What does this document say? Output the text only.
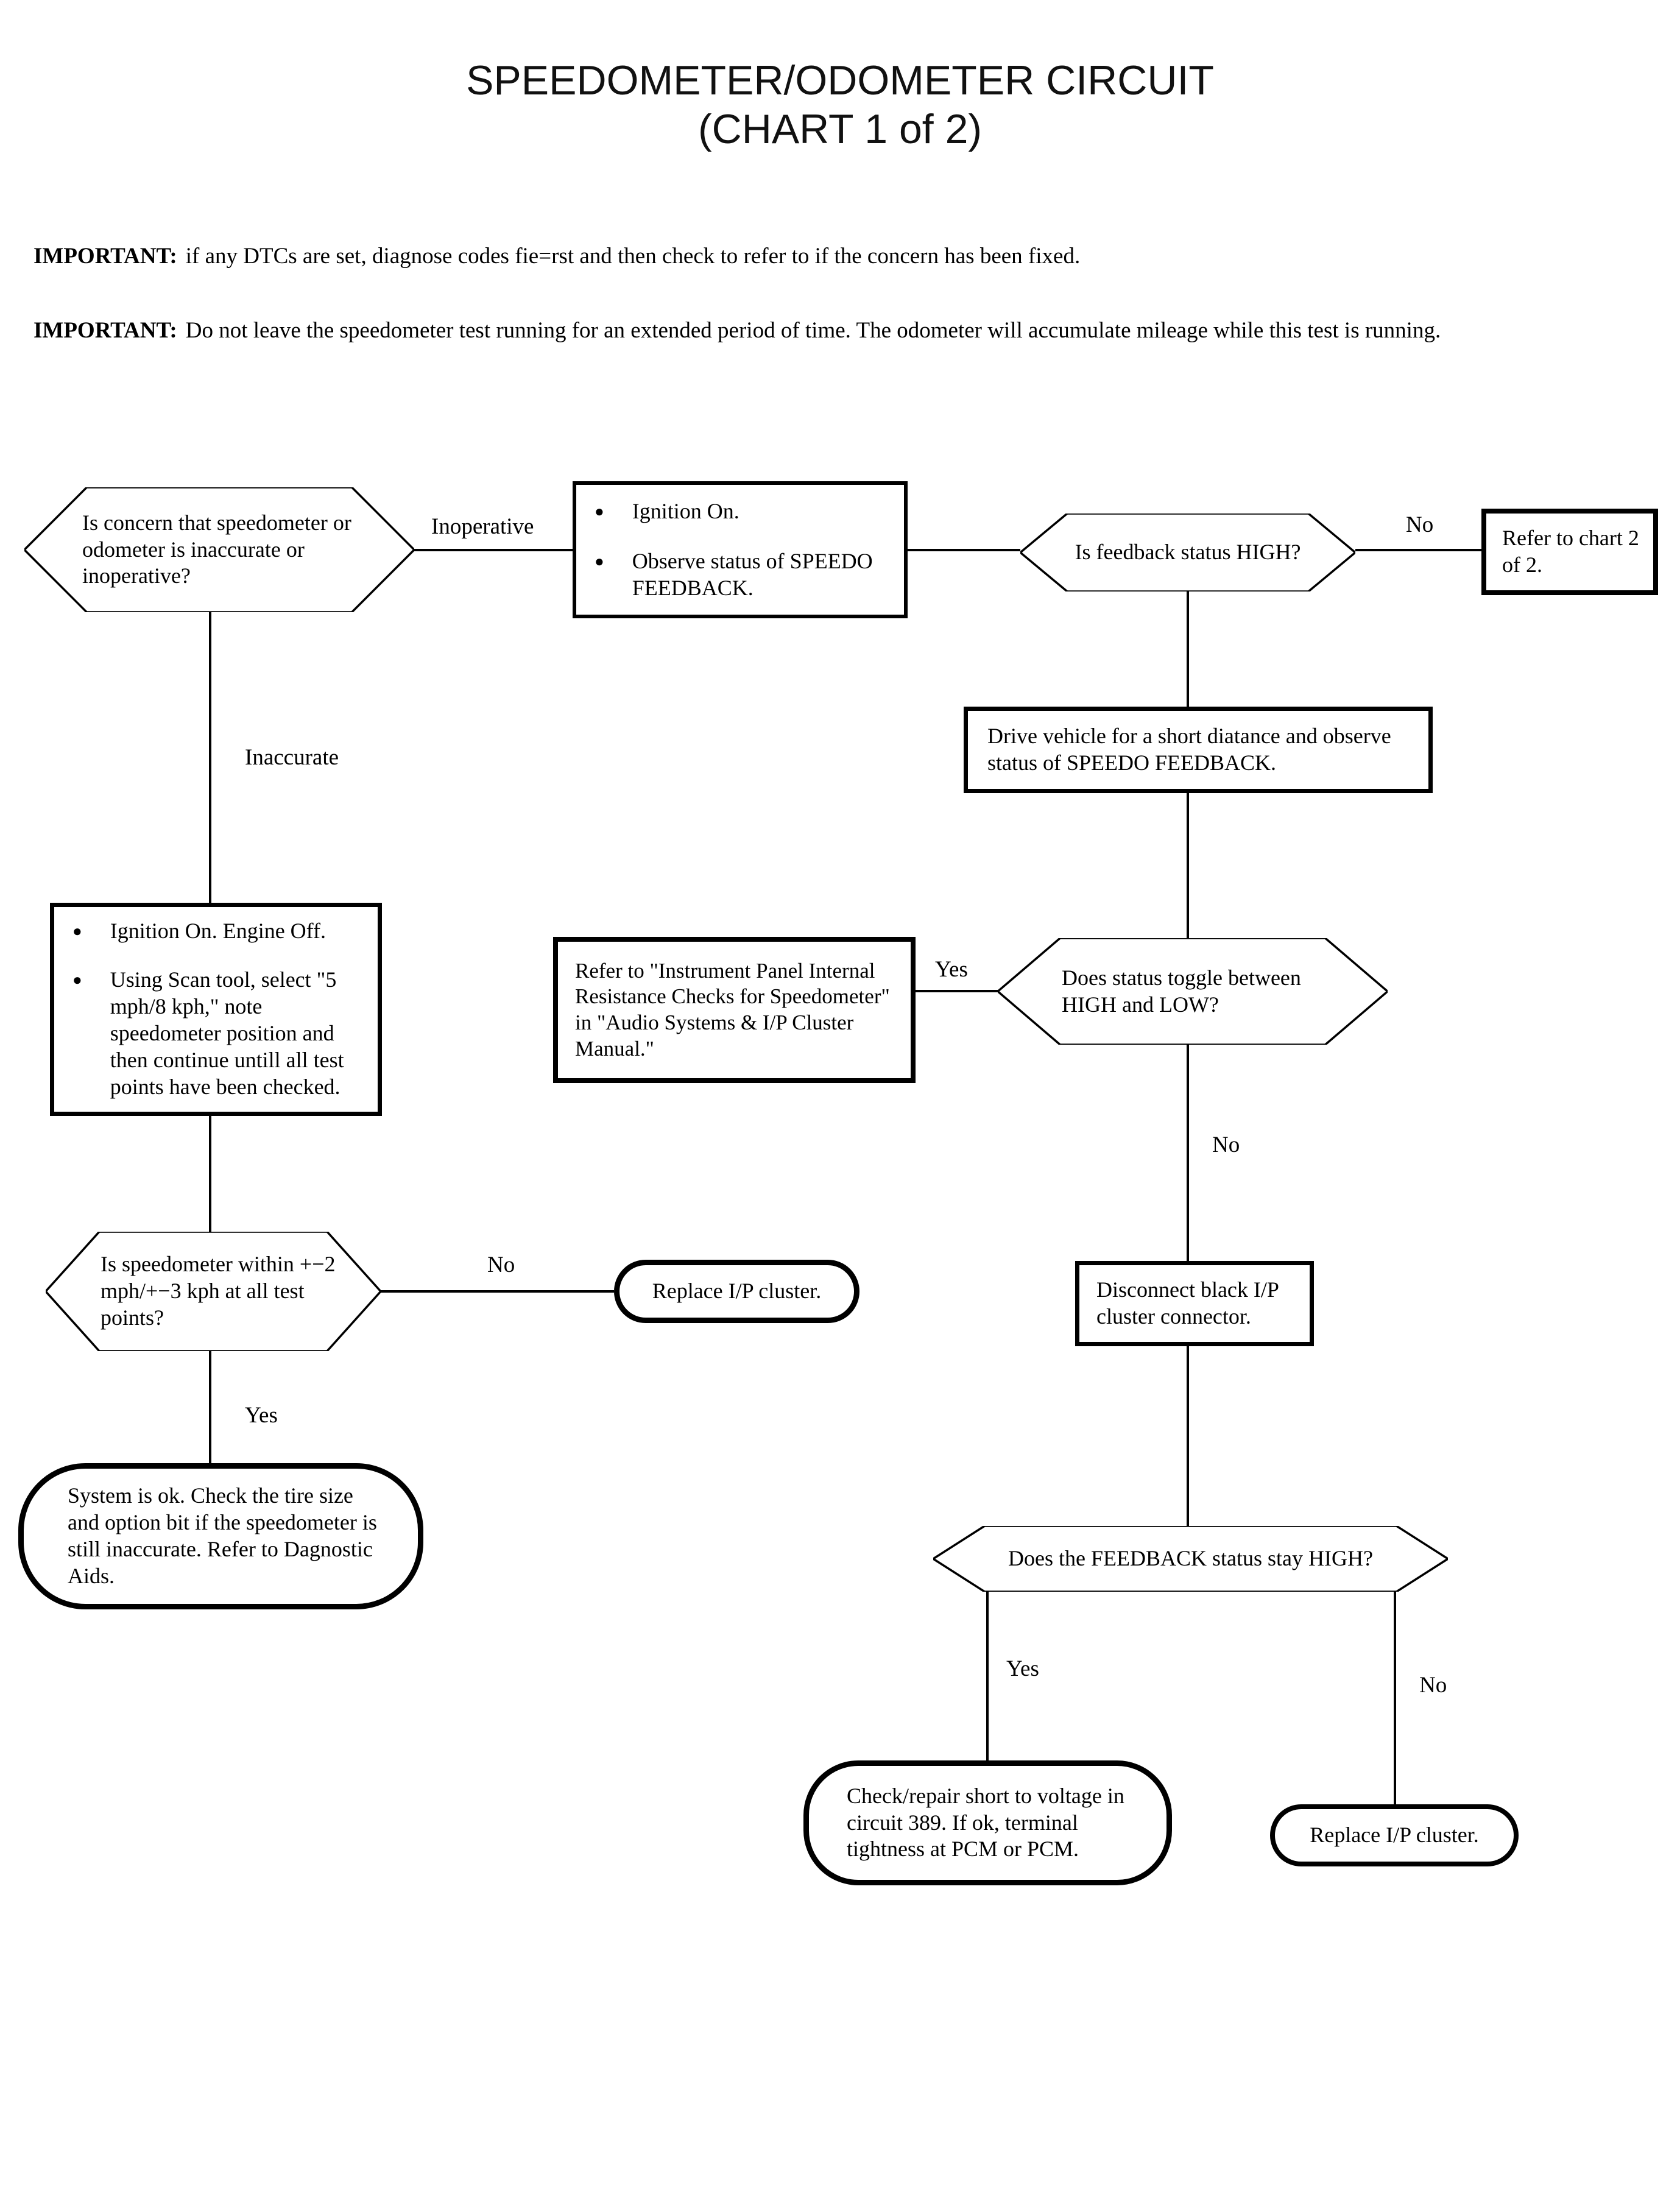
SPEEDOMETER/ODOMETER CIRCUIT
(CHART 1 of 2)
IMPORTANT: if any DTCs are set, diagnose codes fie=rst and then check to refer to if the concern has been fixed.
IMPORTANT: Do not leave the speedometer test running for an extended period of time. The odometer will accumulate mileage while this test is running.
Inoperative
Inaccurate
No
Yes
No
No
Yes
Yes
No
Is concern that speedometer or odometer is inaccurate or inoperative?
● Ignition On.
● Observe status of SPEEDO FEEDBACK.
Is feedback status HIGH?
Refer to chart 2 of 2.
Drive vehicle for a short diatance and observe status of SPEEDO FEEDBACK.
● Ignition On. Engine Off.
● Using Scan tool, select "5 mph/8 kph," note speedometer position and then continue untill all test points have been checked.
Refer to "Instrument Panel Internal Resistance Checks for Speedometer" in "Audio Systems & I/P Cluster Manual."
Does status toggle between HIGH and LOW?
Is speedometer within +−2 mph/+−3 kph at all test points?
Replace I/P cluster.	Disconnect black I/P cluster connector.
System is ok. Check the tire size and option bit if the speedometer is still inaccurate. Refer to Dagnostic Aids.
Does the FEEDBACK status stay HIGH?
Check/repair short to voltage in circuit 389. If ok, terminal tightness at PCM or PCM.
Replace I/P cluster.
